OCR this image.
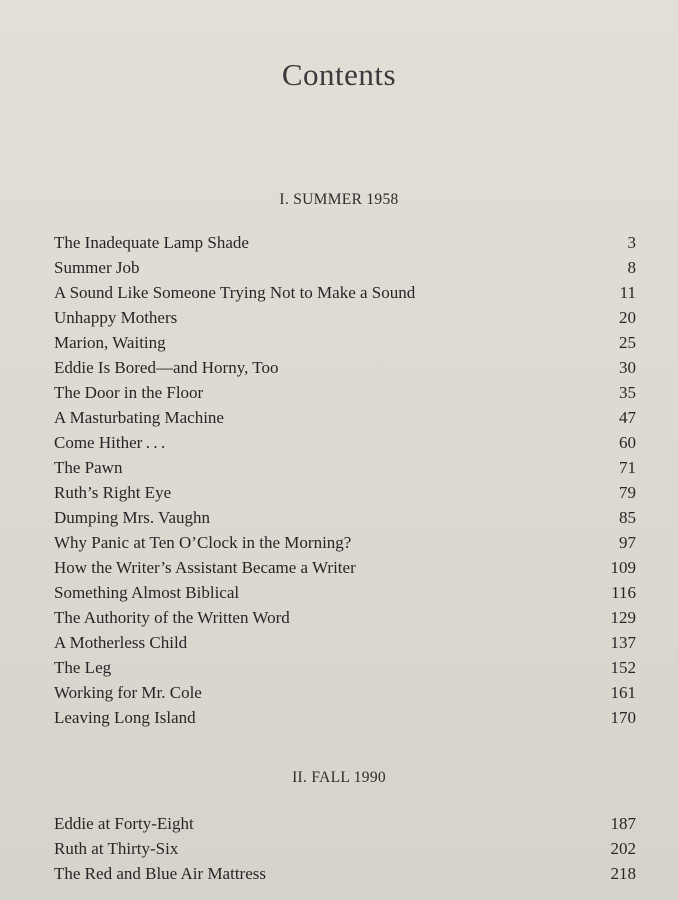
Contents
I. SUMMER 1958
The Inadequate Lamp Shade	3
Summer Job	8
A Sound Like Someone Trying Not to Make a Sound	11
Unhappy Mothers	20
Marion, Waiting	25
Eddie Is Bored—and Horny, Too	30
The Door in the Floor	35
A Masturbating Machine	47
Come Hither . . .	60
The Pawn	71
Ruth’s Right Eye	79
Dumping Mrs. Vaughn	85
Why Panic at Ten O’Clock in the Morning?	97
How the Writer’s Assistant Became a Writer	109
Something Almost Biblical	116
The Authority of the Written Word	129
A Motherless Child	137
The Leg	152
Working for Mr. Cole	161
Leaving Long Island	170
II. FALL 1990
Eddie at Forty-Eight	187
Ruth at Thirty-Six	202
The Red and Blue Air Mattress	218
